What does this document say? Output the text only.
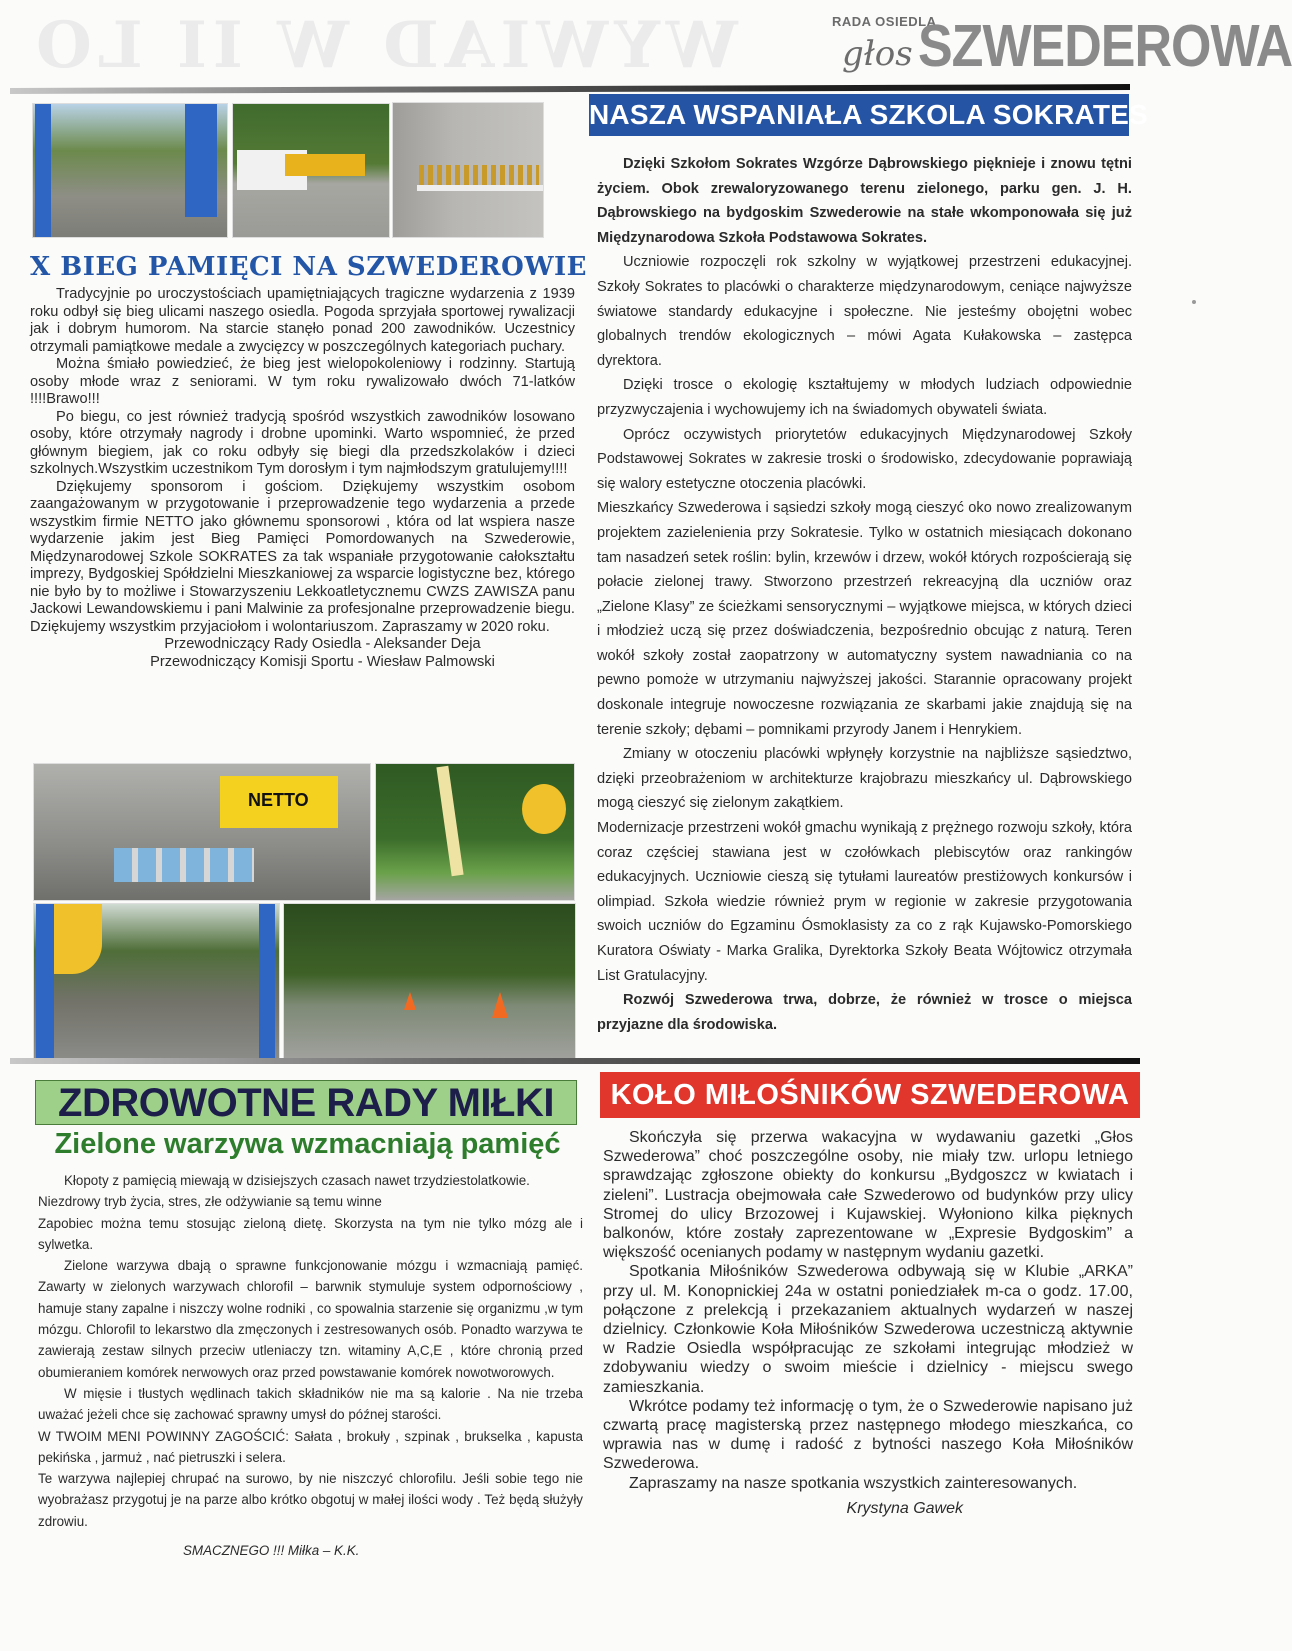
WYWIAD W II LO	RADA OSIEDLA
głos SZWEDEROWA
X BIEG PAMIĘCI NA SZWEDEROWIE

Tradycyjnie po uroczystościach upamiętniających tragiczne wydarzenia z 1939 roku odbył się bieg ulicami naszego osiedla. Pogoda sprzyjała sportowej rywalizacji jak i dobrym humorom. Na starcie stanęło ponad 200 zawodników. Uczestnicy otrzymali pamiątkowe medale a zwycięzcy w poszczególnych kategoriach puchary.

Można śmiało powiedzieć, że bieg jest wielopokoleniowy i rodzinny. Startują osoby młode wraz z seniorami. W tym roku rywalizowało dwóch 71-latków !!!!Brawo!!!

Po biegu, co jest również tradycją spośród wszystkich zawodników losowano osoby, które otrzymały nagrody i drobne upominki. Warto wspomnieć, że przed głównym biegiem, jak co roku odbyły się biegi dla przedszkolaków i dzieci szkolnych.Wszystkim uczestnikom Tym dorosłym i tym najmłodszym gratulujemy!!!!

Dziękujemy sponsorom i gościom. Dziękujemy wszystkim osobom zaangażowanym w przygotowanie i przeprowadzenie tego wydarzenia a przede wszystkim firmie NETTO jako głównemu sponsorowi , która od lat wspiera nasze wydarzenie jakim jest Bieg Pamięci Pomordowanych na Szwederowie, Międzynarodowej Szkole SOKRATES za tak wspaniałe przygotowanie całokształtu imprezy, Bydgoskiej Spółdzielni Mieszkaniowej za wsparcie logistyczne bez, którego nie było by to możliwe i Stowarzyszeniu Lekkoatletycznemu CWZS ZAWISZA panu Jackowi Lewandowskiemu i pani Malwinie za profesjonalne przeprowadzenie biegu. Dziękujemy wszystkim przyjaciołom i wolontariuszom. Zapraszamy w 2020 roku.

Przewodniczący Rady Osiedla - Aleksander Deja

Przewodniczący Komisji Sportu - Wiesław Palmowski

NETTO
NASZA WSPANIAŁA SZKOLA SOKRATES

Dzięki Szkołom Sokrates Wzgórze Dąbrowskiego pięknieje i znowu tętni życiem. Obok zrewaloryzowanego terenu zielonego, parku gen. J. H. Dąbrowskiego na bydgoskim Szwederowie na stałe wkomponowała się już Międzynarodowa Szkoła Podstawowa Sokrates.

Uczniowie rozpoczęli rok szkolny w wyjątkowej przestrzeni edukacyjnej. Szkoły Sokrates to placówki o charakterze międzynarodowym, ceniące najwyższe światowe standardy edukacyjne i społeczne. Nie jesteśmy obojętni wobec globalnych trendów ekologicznych – mówi Agata Kułakowska – zastępca dyrektora.

Dzięki trosce o ekologię kształtujemy w młodych ludziach odpowiednie przyzwyczajenia i wychowujemy ich na świadomych obywateli świata.

Oprócz oczywistych priorytetów edukacyjnych Międzynarodowej Szkoły Podstawowej Sokrates w zakresie troski o środowisko, zdecydowanie poprawiają się walory estetyczne otoczenia placówki.

Mieszkańcy Szwederowa i sąsiedzi szkoły mogą cieszyć oko nowo zrealizowanym projektem zazielenienia przy Sokratesie. Tylko w ostatnich miesiącach dokonano tam nasadzeń setek roślin: bylin, krzewów i drzew, wokół których rozpościerają się połacie zielonej trawy. Stworzono przestrzeń rekreacyjną dla uczniów oraz „Zielone Klasy” ze ścieżkami sensorycznymi – wyjątkowe miejsca, w których dzieci i młodzież uczą się przez doświadczenia, bezpośrednio obcując z naturą. Teren wokół szkoły został zaopatrzony w automatyczny system nawadniania co na pewno pomoże w utrzymaniu najwyższej jakości. Starannie opracowany projekt doskonale integruje nowoczesne rozwiązania ze skarbami jakie znajdują się na terenie szkoły; dębami – pomnikami przyrody Janem i Henrykiem.

Zmiany w otoczeniu placówki wpłynęły korzystnie na najbliższe sąsiedztwo, dzięki przeobrażeniom w architekturze krajobrazu mieszkańcy ul. Dąbrowskiego mogą cieszyć się zielonym zakątkiem.

Modernizacje przestrzeni wokół gmachu wynikają z prężnego rozwoju szkoły, która coraz częściej stawiana jest w czołówkach plebiscytów oraz rankingów edukacyjnych. Uczniowie cieszą się tytułami laureatów prestiżowych konkursów i olimpiad. Szkoła wiedzie również prym w regionie w zakresie przygotowania swoich uczniów do Egzaminu Ósmoklasisty za co z rąk Kujawsko-Pomorskiego Kuratora Oświaty - Marka Gralika, Dyrektorka Szkoły Beata Wójtowicz otrzymała List Gratulacyjny.

Rozwój Szwederowa trwa, dobrze, że również w trosce o miejsca przyjazne dla środowiska.

ZDROWOTNE RADY MIŁKI
Zielone warzywa wzmacniają pamięć

Kłopoty z pamięcią miewają w dzisiejszych czasach nawet trzydziestolatkowie.

Niezdrowy tryb życia, stres, złe odżywianie są temu winne

Zapobiec można temu stosując zieloną dietę. Skorzysta na tym nie tylko mózg ale i sylwetka.

Zielone warzywa dbają o sprawne funkcjonowanie mózgu i wzmacniają pamięć. Zawarty w zielonych warzywach chlorofil – barwnik stymuluje system odpornościowy , hamuje stany zapalne i niszczy wolne rodniki , co spowalnia starzenie się organizmu ,w tym mózgu. Chlorofil to lekarstwo dla zmęczonych i zestresowanych osób. Ponadto warzywa te zawierają zestaw silnych przeciw utleniaczy tzn. witaminy A,C,E , które chronią przed obumieraniem komórek nerwowych oraz przed powstawanie komórek nowotworowych.

W mięsie i tłustych wędlinach takich składników nie ma są kalorie . Na nie trzeba uważać jeżeli chce się zachować sprawny umysł do późnej starości.

W TWOIM MENI POWINNY ZAGOŚCIĆ: Sałata , brokuły , szpinak , brukselka , kapusta pekińska , jarmuż , nać pietruszki i selera.

Te warzywa najlepiej chrupać na surowo, by nie niszczyć chlorofilu. Jeśli sobie tego nie wyobrażasz przygotuj je na parze albo krótko obgotuj w małej ilości wody . Też będą służyły zdrowiu.

SMACZNEGO !!! Miłka – K.K.

KOŁO MIŁOŚNIKÓW SZWEDEROWA

Skończyła się przerwa wakacyjna w wydawaniu gazetki „Głos Szwederowa” choć poszczególne osoby, nie miały tzw. urlopu letniego sprawdzając zgłoszone obiekty do konkursu „Bydgoszcz w kwiatach i zieleni”. Lustracja obejmowała całe Szwederowo od budynków przy ulicy Stromej do ulicy Brzozowej i Kujawskiej. Wyłoniono kilka pięknych balkonów, które zostały zaprezentowane w „Expresie Bydgoskim” a większość ocenianych podamy w następnym wydaniu gazetki.

Spotkania Miłośników Szwederowa odbywają się w Klubie „ARKA” przy ul. M. Konopnickiej 24a w ostatni poniedziałek m-ca o godz. 17.00, połączone z prelekcją i przekazaniem aktualnych wydarzeń w naszej dzielnicy. Członkowie Koła Miłośników Szwederowa uczestniczą aktywnie w Radzie Osiedla współpracując ze szkołami integrując młodzież w zdobywaniu wiedzy o swoim mieście i dzielnicy - miejscu swego zamieszkania.

Wkrótce podamy też informację o tym, że o Szwederowie napisano już czwartą pracę magisterską przez następnego młodego mieszkańca, co wprawia nas w dumę i radość z bytności naszego Koła Miłośników Szwederowa.

Zapraszamy na nasze spotkania wszystkich zainteresowanych.

Krystyna Gawek
